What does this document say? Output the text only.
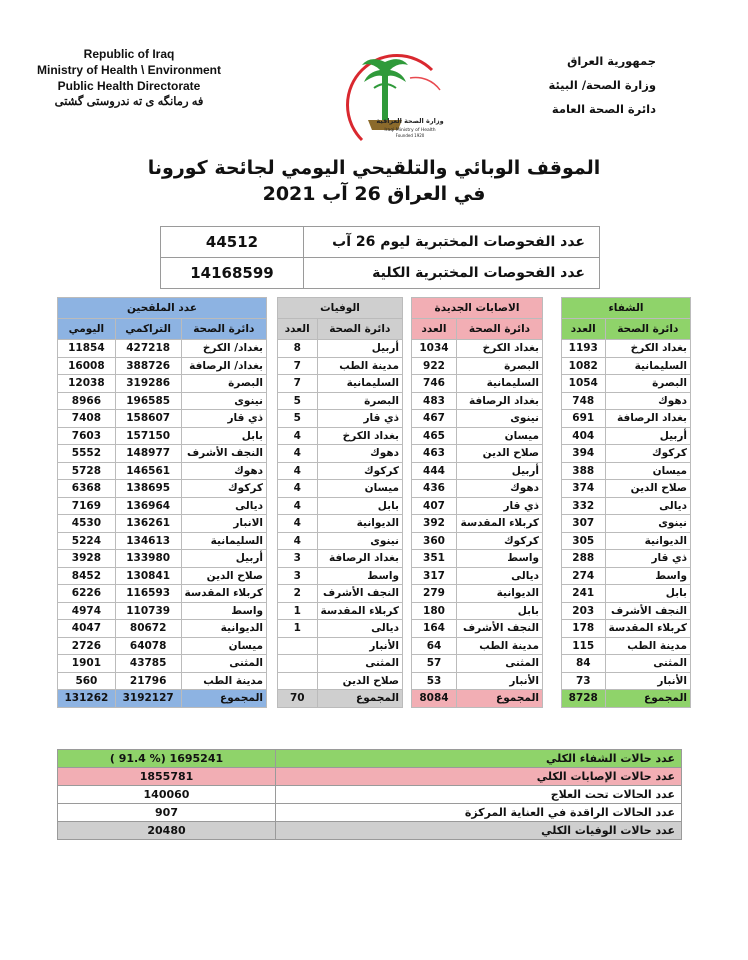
Republic of Iraq
Ministry of Health \ Environment
Public Health Directorate
فه رمانگه ى ته ندروستى گشتى
جمهورية العراق
وزارة الصحة/ البيئة
دائرة الصحة العامة
وزارة الصحة العراقية
Iraqi Ministry of Health
Founded 1920
الموقف الوبائي والتلقيحي اليومي لجائحة كورونا
في العراق 26 آب 2021
44512	عدد الفحوصات المختبرية ليوم 26 آب
14168599	عدد الفحوصات المختبرية الكلية
عدد الملقحين		
اليومي	التراكمي	دائرة الصحة
11854	427218	بغداد/ الكرخ
16008	388726	بغداد/ الرصافة
12038	319286	البصرة
8966	196585	نينوى
7408	158607	ذي قار
7603	157150	بابل
5552	148977	النجف الأشرف
5728	146561	دهوك
6368	138695	كركوك
7169	136964	ديالى
4530	136261	الانبار
5224	134613	السليمانية
3928	133980	أربيل
8452	130841	صلاح الدين
6226	116593	كربلاء المقدسة
4974	110739	واسط
4047	80672	الديوانية
2726	64078	ميسان
1901	43785	المثنى
560	21796	مدينة الطب
131262	3192127	المجموع
الوفيات	
العدد	دائرة الصحة
8	أربيل
7	مدينة الطب
7	السليمانية
5	البصرة
5	ذي قار
4	بغداد الكرخ
4	دهوك
4	كركوك
4	ميسان
4	بابل
4	الديوانية
4	نينوى
3	بغداد الرصافة
3	واسط
2	النجف الأشرف
1	كربلاء المقدسة
1	ديالى
	الأنبار
	المثنى
	صلاح الدين
70	المجموع
الاصابات الجديدة	
العدد	دائرة الصحة
1034	بغداد الكرخ
922	البصرة
746	السليمانية
483	بغداد الرصافة
467	نينوى
465	ميسان
463	صلاح الدين
444	أربيل
436	دهوك
407	ذي قار
392	كربلاء المقدسة
360	كركوك
351	واسط
317	ديالى
279	الديوانية
180	بابل
164	النجف الأشرف
64	مدينة الطب
57	المثنى
53	الأنبار
8084	المجموع
الشفاء	
العدد	دائرة الصحة
1193	بغداد الكرخ
1082	السليمانية
1054	البصرة
748	دهوك
691	بغداد الرصافة
404	أربيل
394	كركوك
388	ميسان
374	صلاح الدين
332	ديالى
307	نينوى
305	الديوانية
288	ذي قار
274	واسط
241	بابل
203	النجف الأشرف
178	كربلاء المقدسة
115	مدينة الطب
84	المثنى
73	الأنبار
8728	المجموع
( 91.4 %) 1695241	عدد حالات الشفاء الكلي
1855781	عدد حالات الإصابات الكلي
140060	عدد الحالات تحت العلاج
907	عدد الحالات الراقدة في العناية المركزة
20480	عدد حالات الوفيات الكلي
